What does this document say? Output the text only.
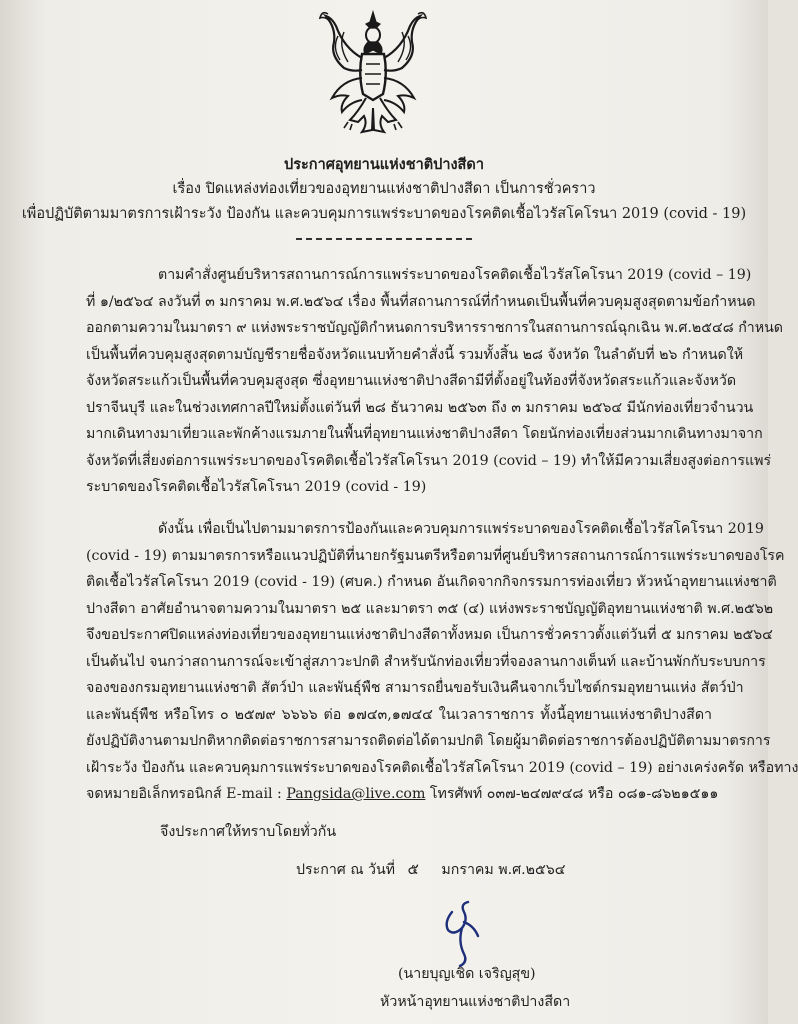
ประกาศอุทยานแห่งชาติปางสีดา
เรื่อง ปิดแหล่งท่องเที่ยวของอุทยานแห่งชาติปางสีดา เป็นการชั่วคราว
เพื่อปฏิบัติตามมาตรการเฝ้าระวัง ป้องกัน และควบคุมการแพร่ระบาดของโรคติดเชื้อไวรัสโคโรนา 2019 (covid - 19)
ตามคำสั่งศูนย์บริหารสถานการณ์การแพร่ระบาดของโรคติดเชื้อไวรัสโคโรนา 2019 (covid – 19)
ที่ ๑/๒๕๖๔ ลงวันที่ ๓ มกราคม พ.ศ.๒๕๖๔ เรื่อง พื้นที่สถานการณ์ที่กำหนดเป็นพื้นที่ควบคุมสูงสุดตามข้อกำหนด
ออกตามความในมาตรา ๙ แห่งพระราชบัญญัติกำหนดการบริหารราชการในสถานการณ์ฉุกเฉิน พ.ศ.๒๕๔๘ กำหนด
เป็นพื้นที่ควบคุมสูงสุดตามบัญชีรายชื่อจังหวัดแนบท้ายคำสั่งนี้ รวมทั้งสิ้น ๒๘ จังหวัด ในลำดับที่ ๒๖ กำหนดให้
จังหวัดสระแก้วเป็นพื้นที่ควบคุมสูงสุด ซึ่งอุทยานแห่งชาติปางสีดามีที่ตั้งอยู่ในท้องที่จังหวัดสระแก้วและจังหวัด
ปราจีนบุรี และในช่วงเทศกาลปีใหม่ตั้งแต่วันที่ ๒๘ ธันวาคม ๒๕๖๓ ถึง ๓ มกราคม ๒๕๖๔ มีนักท่องเที่ยวจำนวน
มากเดินทางมาเที่ยวและพักค้างแรมภายในพื้นที่อุทยานแห่งชาติปางสีดา โดยนักท่องเที่ยงส่วนมากเดินทางมาจาก
จังหวัดที่เสี่ยงต่อการแพร่ระบาดของโรคติดเชื้อไวรัสโคโรนา 2019 (covid – 19) ทำให้มีความเสี่ยงสูงต่อการแพร่
ระบาดของโรคติดเชื้อไวรัสโคโรนา 2019 (covid - 19)
ดังนั้น เพื่อเป็นไปตามมาตรการป้องกันและควบคุมการแพร่ระบาดของโรคติดเชื้อไวรัสโคโรนา 2019
(covid - 19) ตามมาตรการหรือแนวปฏิบัติที่นายกรัฐมนตรีหรือตามที่ศูนย์บริหารสถานการณ์การแพร่ระบาดของโรค
ติดเชื้อไวรัสโคโรนา 2019 (covid - 19) (ศบค.) กำหนด อันเกิดจากกิจกรรมการท่องเที่ยว หัวหน้าอุทยานแห่งชาติ
ปางสีดา อาศัยอำนาจตามความในมาตรา ๒๕ และมาตรา ๓๕ (๔) แห่งพระราชบัญญัติอุทยานแห่งชาติ พ.ศ.๒๕๖๒
จึงขอประกาศปิดแหล่งท่องเที่ยวของอุทยานแห่งชาติปางสีดาทั้งหมด เป็นการชั่วคราวตั้งแต่วันที่ ๕ มกราคม ๒๕๖๔
เป็นต้นไป จนกว่าสถานการณ์จะเข้าสู่สภาวะปกติ สำหรับนักท่องเที่ยวที่จองลานกางเต็นท์ และบ้านพักกับระบบการ
จองของกรมอุทยานแห่งชาติ สัตว์ป่า และพันธุ์พืช สามารถยื่นขอรับเงินคืนจากเว็บไซต์กรมอุทยานแห่ง สัตว์ป่า
และพันธุ์พืช หรือโทร ๐ ๒๕๗๙ ๖๖๖๖ ต่อ ๑๗๔๓,๑๗๔๔ ในเวลาราชการ ทั้งนี้อุทยานแห่งชาติปางสีดา
ยังปฏิบัติงานตามปกติหากติดต่อราชการสามารถติดต่อได้ตามปกติ โดยผู้มาติดต่อราชการต้องปฏิบัติตามมาตรการ
เฝ้าระวัง ป้องกัน และควบคุมการแพร่ระบาดของโรคติดเชื้อไวรัสโคโรนา 2019 (covid – 19) อย่างเคร่งครัด หรือทาง
จดหมายอิเล็กทรอนิกส์ E-mail : Pangsida@live.com โทรศัพท์ ๐๓๗-๒๔๗๙๔๘ หรือ ๐๘๑-๘๖๒๑๕๑๑
จึงประกาศให้ทราบโดยทั่วกัน
ประกาศ ณ วันที่ ๕ มกราคม พ.ศ.๒๕๖๔
(นายบุญเชิด เจริญสุข)
หัวหน้าอุทยานแห่งชาติปางสีดา
